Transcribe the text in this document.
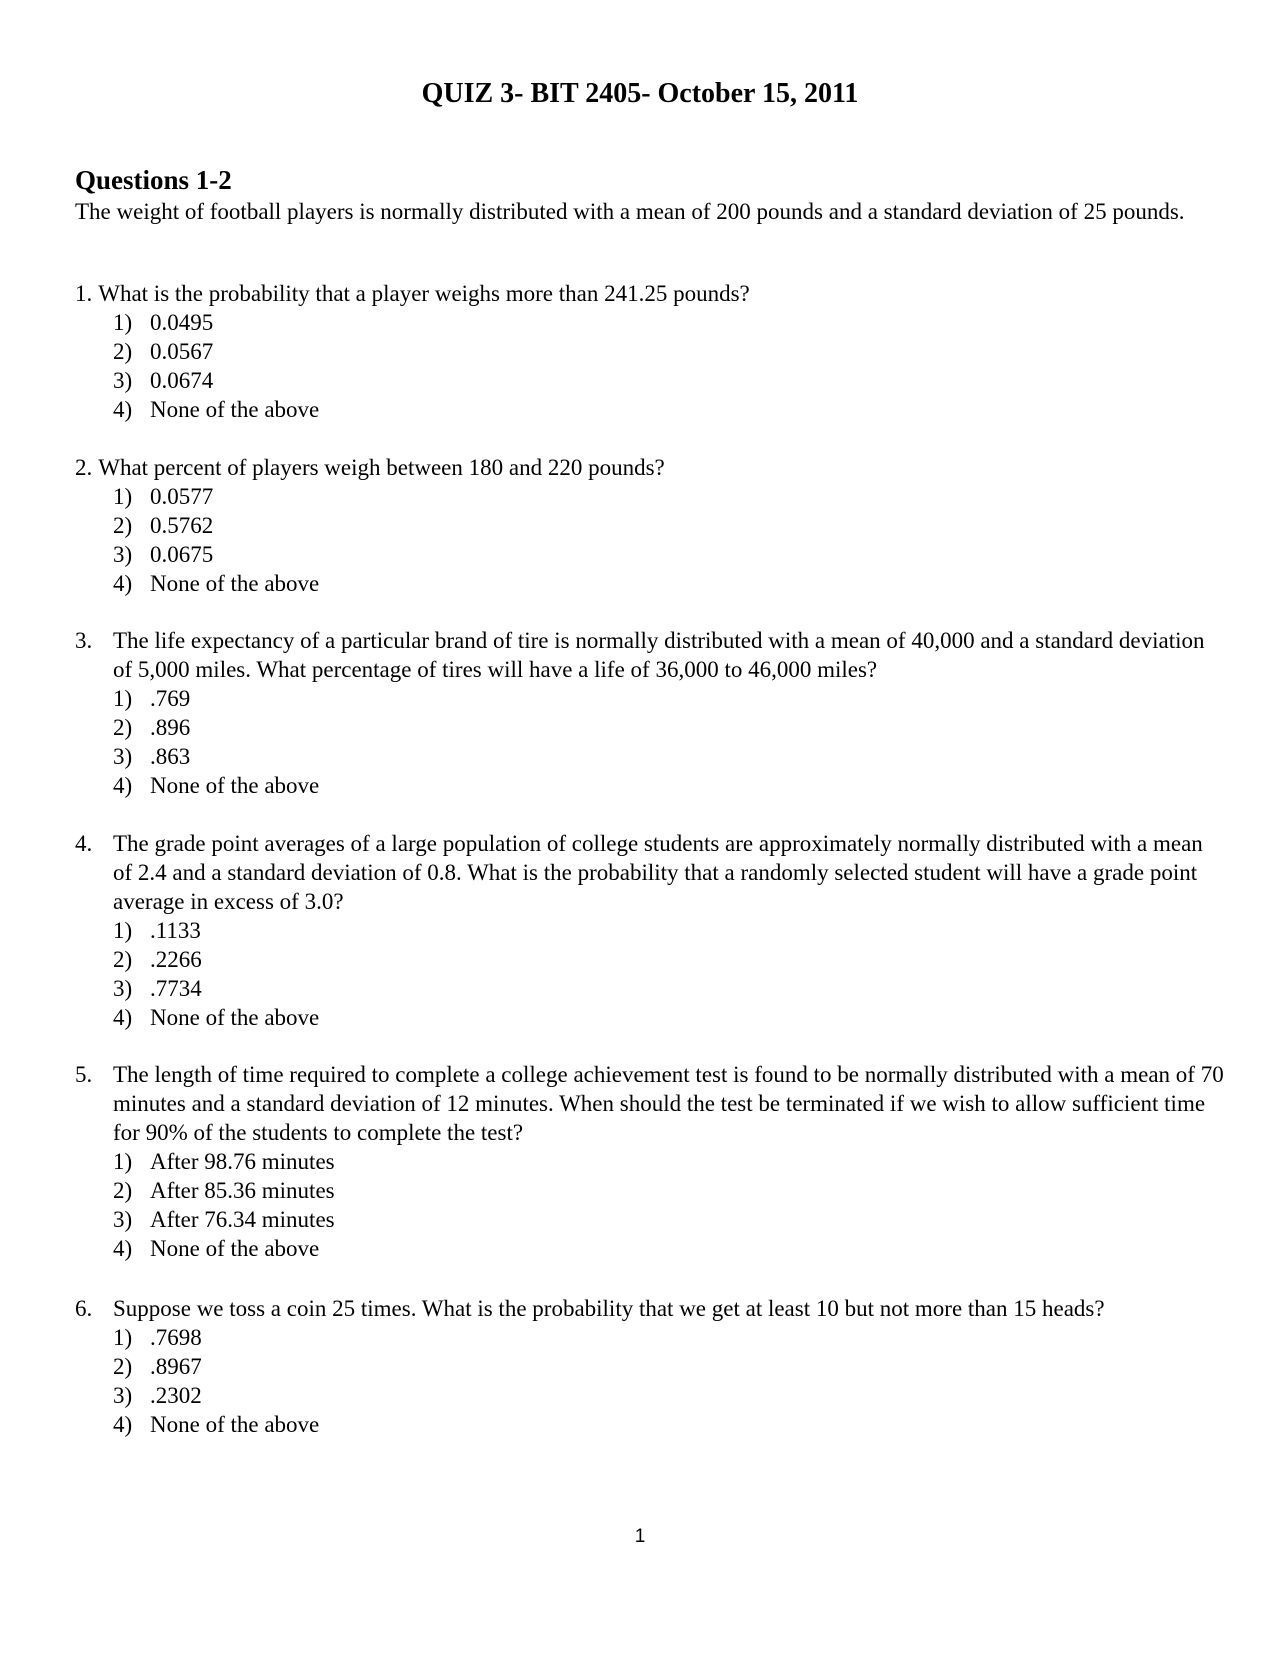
QUIZ 3- BIT 2405- October 15, 2011
Questions 1-2

The weight of football players is normally distributed with a mean of 200 pounds and a standard deviation of 25 pounds.

1. What is the probability that a player weighs more than 241.25 pounds?

1) 0.0495
2) 0.0567
3) 0.0674
4) None of the above

2. What percent of players weigh between 180 and 220 pounds?

1) 0.0577
2) 0.5762
3) 0.0675
4) None of the above

3. The life expectancy of a particular brand of tire is normally distributed with a mean of 40,000 and a standard deviation of 5,000 miles. What percentage of tires will have a life of 36,000 to 46,000 miles?

1) .769
2) .896
3) .863
4) None of the above

4. The grade point averages of a large population of college students are approximately normally distributed with a mean of 2.4 and a standard deviation of 0.8. What is the probability that a randomly selected student will have a grade point average in excess of 3.0?

1) .1133
2) .2266
3) .7734
4) None of the above

5. The length of time required to complete a college achievement test is found to be normally distributed with a mean of 70 minutes and a standard deviation of 12 minutes. When should the test be terminated if we wish to allow sufficient time for 90% of the students to complete the test?

1) After 98.76 minutes
2) After 85.36 minutes
3) After 76.34 minutes
4) None of the above

6. Suppose we toss a coin 25 times. What is the probability that we get at least 10 but not more than 15 heads?

1) .7698
2) .8967
3) .2302
4) None of the above
1
